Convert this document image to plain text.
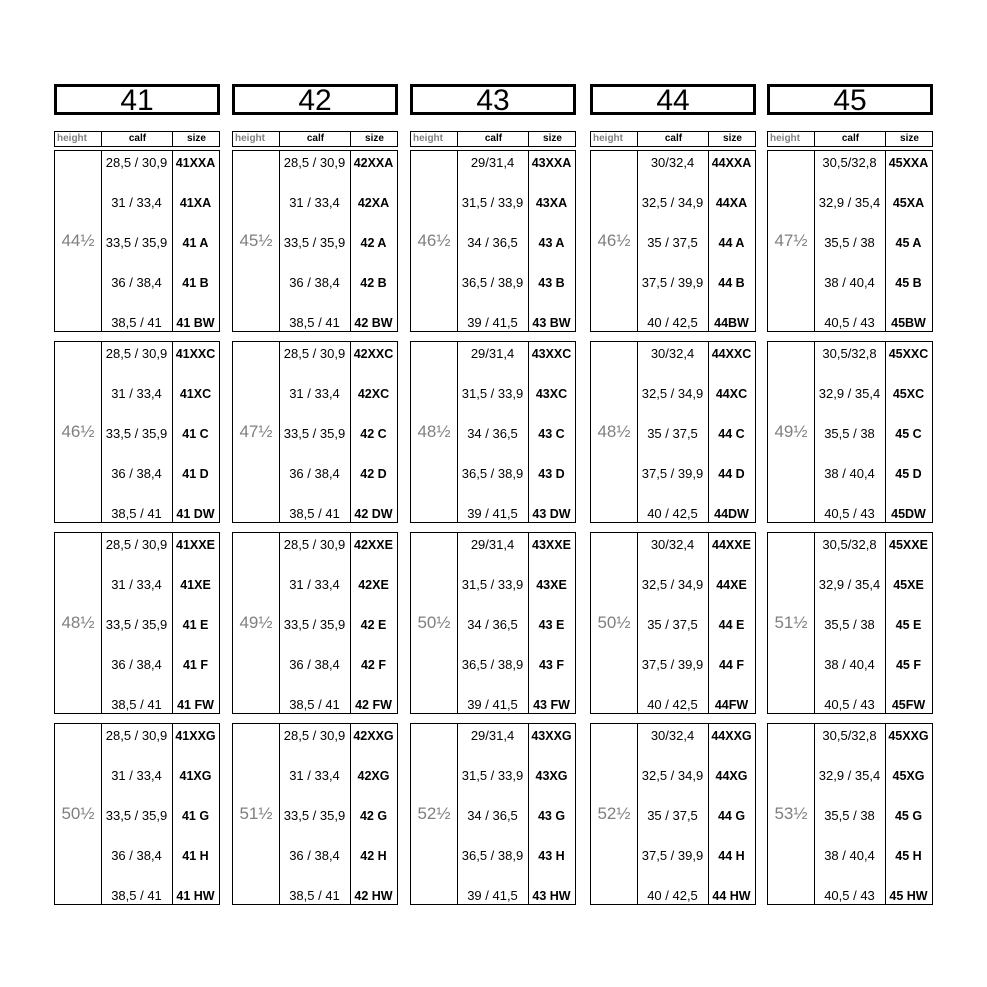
41
height	calf	size
44½
28,5 / 30,9 41XXA
31 / 33,4	41XA
33,5 / 35,9	41 A
36 / 38,4	41 B
38,5 / 41	41 BW
46½
28,5 / 30,9 41XXC
31 / 33,4	41XC
33,5 / 35,9	41 C
36 / 38,4	41 D
38,5 / 41	41 DW
48½
28,5 / 30,9 41XXE
31 / 33,4	41XE
33,5 / 35,9	41 E
36 / 38,4	41 F
38,5 / 41	41 FW
50½
28,5 / 30,9 41XXG
31 / 33,4	41XG
33,5 / 35,9	41 G
36 / 38,4	41 H
38,5 / 41	41 HW
42
height	calf	size
45½
28,5 / 30,9 42XXA
31 / 33,4	42XA
33,5 / 35,9	42 A
36 / 38,4	42 B
38,5 / 41	42 BW
47½
28,5 / 30,9 42XXC
31 / 33,4	42XC
33,5 / 35,9	42 C
36 / 38,4	42 D
38,5 / 41	42 DW
49½
28,5 / 30,9 42XXE
31 / 33,4	42XE
33,5 / 35,9	42 E
36 / 38,4	42 F
38,5 / 41	42 FW
51½
28,5 / 30,9 42XXG
31 / 33,4	42XG
33,5 / 35,9	42 G
36 / 38,4	42 H
38,5 / 41	42 HW
43
height	calf	size
46½
29/31,4	43XXA
31,5 / 33,9	43XA
34 / 36,5	43 A
36,5 / 38,9	43 B
39 / 41,5	43 BW
48½
29/31,4	43XXC
31,5 / 33,9	43XC
34 / 36,5	43 C
36,5 / 38,9	43 D
39 / 41,5	43 DW
50½
29/31,4	43XXE
31,5 / 33,9	43XE
34 / 36,5	43 E
36,5 / 38,9	43 F
39 / 41,5	43 FW
52½
29/31,4	43XXG
31,5 / 33,9 43XG
34 / 36,5	43 G
36,5 / 38,9	43 H
39 / 41,5	43 HW
44
height	calf	size
46½
30/32,4	44XXA
32,5 / 34,9	44XA
35 / 37,5	44 A
37,5 / 39,9	44 B
40 / 42,5	44BW
48½
30/32,4	44XXC
32,5 / 34,9	44XC
35 / 37,5	44 C
37,5 / 39,9	44 D
40 / 42,5	44DW
50½
30/32,4	44XXE
32,5 / 34,9	44XE
35 / 37,5	44 E
37,5 / 39,9	44 F
40 / 42,5	44FW
52½
30/32,4	44XXG
32,5 / 34,9 44XG
35 / 37,5	44 G
37,5 / 39,9	44 H
40 / 42,5	44 HW
45
height	calf	size
47½
30,5/32,8 45XXA
32,9 / 35,4	45XA
35,5 / 38	45 A
38 / 40,4	45 B
40,5 / 43	45BW
49½
30,5/32,8 45XXC
32,9 / 35,4	45XC
35,5 / 38	45 C
38 / 40,4	45 D
40,5 / 43	45DW
51½
30,5/32,8 45XXE
32,9 / 35,4	45XE
35,5 / 38	45 E
38 / 40,4	45 F
40,5 / 43	45FW
53½
30,5/32,8 45XXG
32,9 / 35,4 45XG
35,5 / 38	45 G
38 / 40,4	45 H
40,5 / 43	45 HW
